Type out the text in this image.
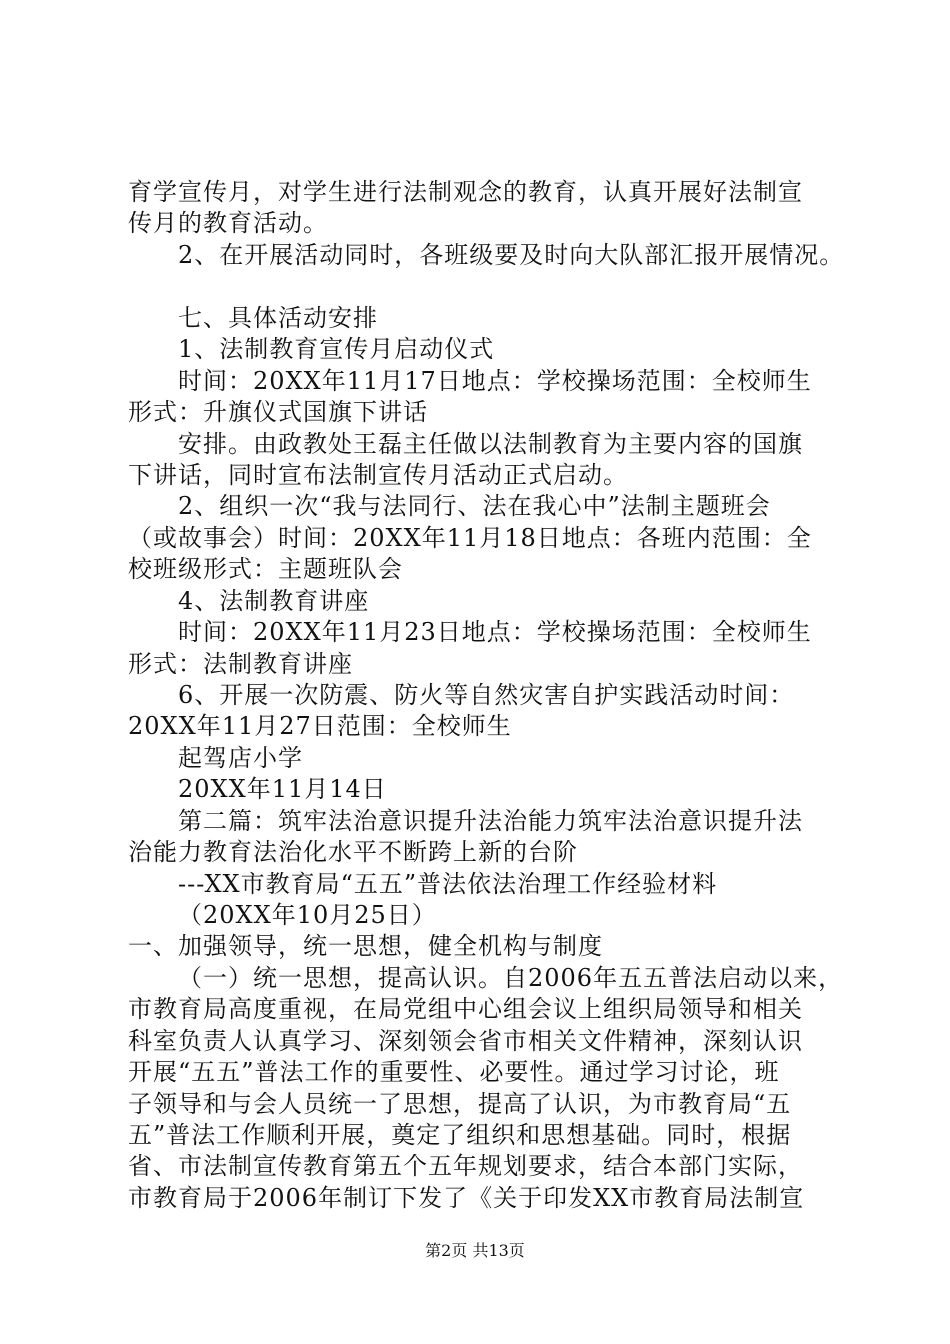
育学宣传月，对学生进行法制观念的教育，认真开展好法制宣
传月的教育活动。
2、在开展活动同时，各班级要及时向大队部汇报开展情况。
七、具体活动安排
1、法制教育宣传月启动仪式
时间：20XX年11月17日地点：学校操场范围：全校师生
形式：升旗仪式国旗下讲话
安排。由政教处王磊主任做以法制教育为主要内容的国旗
下讲话，同时宣布法制宣传月活动正式启动。
2、组织一次“我与法同行、法在我心中”法制主题班会
（或故事会）时间：20XX年11月18日地点：各班内范围：全
校班级形式：主题班队会
4、法制教育讲座
时间：20XX年11月23日地点：学校操场范围：全校师生
形式：法制教育讲座
6、开展一次防震、防火等自然灾害自护实践活动时间：
20XX年11月27日范围：全校师生
起驾店小学
20XX年11月14日
第二篇：筑牢法治意识提升法治能力筑牢法治意识提升法
治能力教育法治化水平不断跨上新的台阶
---XX市教育局“五五”普法依法治理工作经验材料
（20XX年10月25日）
一、加强领导，统一思想，健全机构与制度
（一）统一思想，提高认识。自2006年五五普法启动以来，
市教育局高度重视，在局党组中心组会议上组织局领导和相关
科室负责人认真学习、深刻领会省市相关文件精神，深刻认识
开展“五五”普法工作的重要性、必要性。通过学习讨论，班
子领导和与会人员统一了思想，提高了认识，为市教育局“五
五”普法工作顺利开展，奠定了组织和思想基础。同时，根据
省、市法制宣传教育第五个五年规划要求，结合本部门实际，
市教育局于2006年制订下发了《关于印发XX市教育局法制宣
第2页 共13页
